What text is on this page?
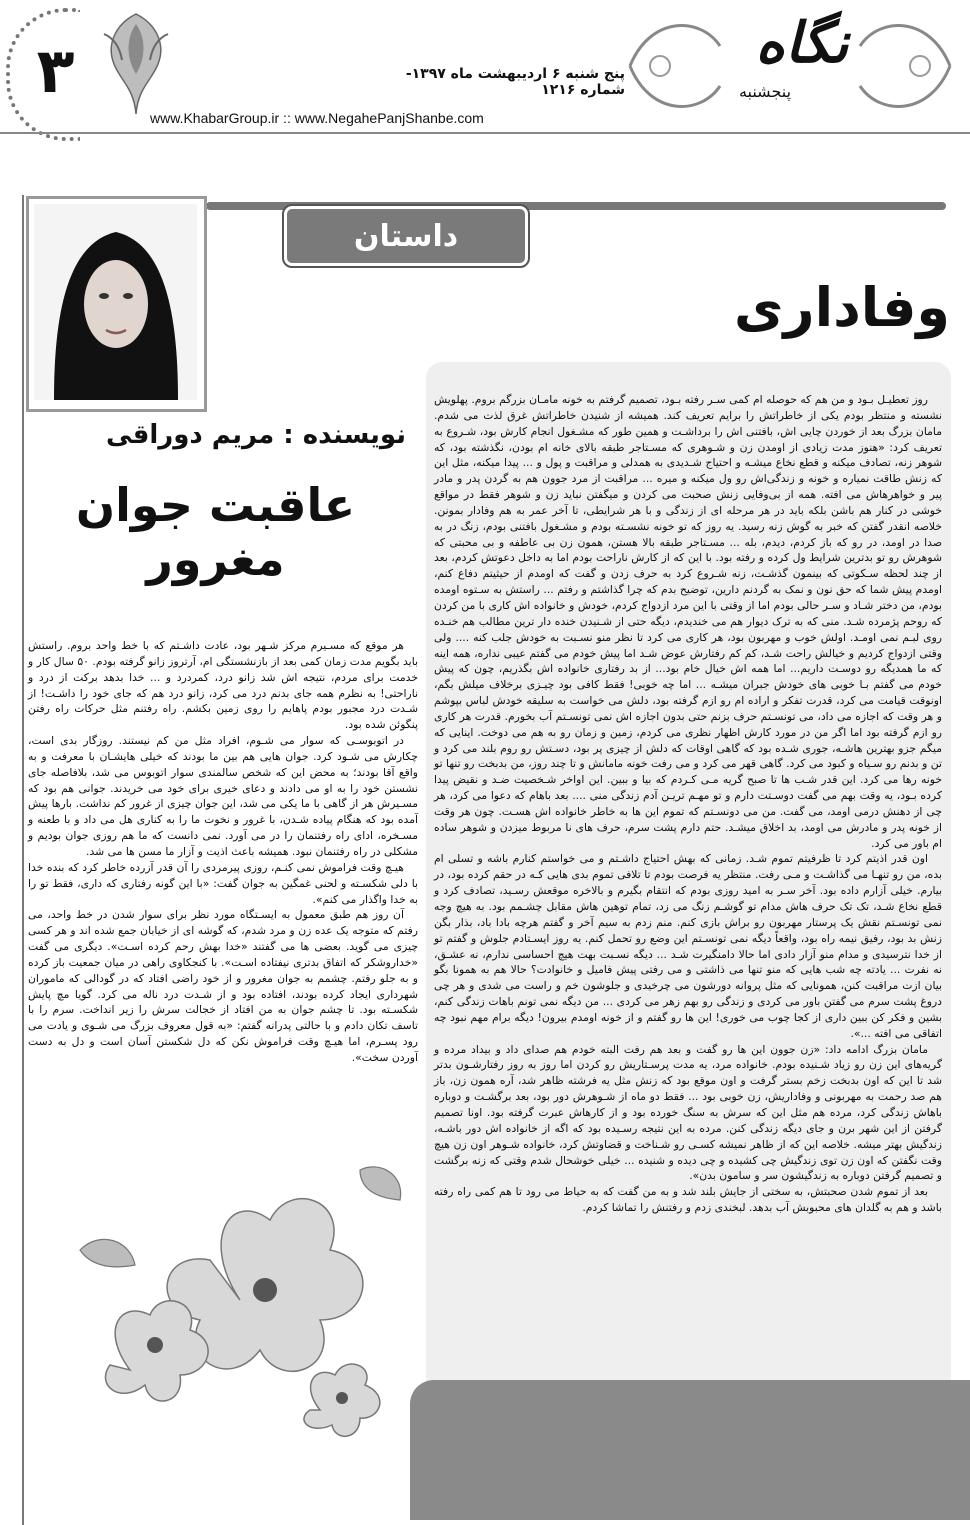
۳	پنج شنبه ۶ اردیبهشت ماه ۱۳۹۷- شماره ۱۲۱۶
www.KhabarGroup.ir :: www.NegahePanjShanbe.com
نگاه
پنجشنبه
داستان
وفاداری
نویسنده : مریم دوراقی
عاقبت جوان مغرور

هر موقع که مسـیرم مرکز شـهر بود، عادت داشـتم که با خط واحد بروم. راستش باید بگویم مدت زمان کمی بعد از بازنشستگی ام، آرتروز زانو گرفته بودم. ۵۰ سال کار و خدمت برای مردم، نتیجه اش شد زانو درد، کمردرد و ... خدا بدهد برکت از درد و ناراحتی! به نظرم همه جای بدنم درد می کرد، زانو درد هم که جای خود را داشـت! از شـدت درد مجبور بودم پاهایم را روی زمین بکشم. راه رفتنم مثل حرکات راه رفتن پنگوئن شده بود.

در اتوبوسـی که سوار می شـوم، افراد مثل من کم نیستند. روزگار بدی است، چکارش می شـود کرد. جوان هایی هم بین ما بودند که خیلی هایشـان با معرفت و به واقع آقا بودند؛ به محض این که شخص سالمندی سوار اتوبوس می شد، بلافاصله جای نشستن خود را به او می دادند و دعای خیری برای خود می خریدند. جوانی هم بود که مسـیرش هر از گاهی با ما یکی می شد، این جوان چیزی از غرور کم نداشت. بارها پیش آمده بود که هنگام پیاده شـدن، با غرور و نخوت ما را به کناری هل می داد و با طعنه و مسـخره، ادای راه رفتنمان را در می آورد. نمی دانست که ما هم روزی جوان بودیم و مشکلی در راه رفتنمان نبود. همیشه باعث اذیت و آزار ما مسن ها می شد.

هیـچ وقت فراموش نمی کنـم، روزی پیرمردی را آن قدر آزرده خاطر کرد که بنده خدا با دلی شکسـته و لحنی غمگین به جوان گفت: «با این گونه رفتاری که داری، فقط تو را به خدا واگذار می کنم».

آن روز هم طبق معمول به ایسـتگاه مورد نظر برای سوار شدن در خط واحد، می رفتم که متوجه یک عده زن و مرد شدم، که گوشه ای از خیابان جمع شده اند و هر کسی چیزی می گوید. بعضی ها می گفتند «خدا بهش رحم کرده اسـت». دیگری می گفت «خداروشکر که اتفاق بدتری نیفتاده اسـت». با کنجکاوی راهی در میان جمعیت باز کرده و به جلو رفتم. چشمم به جوان مغرور و از خود راضی افتاد که در گودالی که ماموران شهرداری ایجاد کرده بودند، افتاده بود و از شـدت درد ناله می کرد. گویا مچ پایش شکسـته بود. تا چشم جوان به من افتاد از خجالت سرش را زیر انداخت. سرم را با تاسف تکان دادم و با حالتی پدرانه گفتم: «به قول معروف بزرگ می شـوی و یادت می رود پسـرم، اما هیـچ وقت فراموش نکن که دل شکستن آسان است و دل به دست آوردن سخت».

روز تعطیـل بـود و من هم که حوصله ام کمی سـر رفته بـود، تصمیم گرفتم به خونه مامـان بزرگم بروم. پهلویش نشسته و منتظر بودم یکی از خاطراتش را برایم تعریف کند. همیشه از شنیدن خاطراتش غرق لذت می شدم. مامان بزرگ بعد از خوردن چایی اش، بافتنی اش را برداشـت و همین طور که مشـغول انجام کارش بود، شـروع به تعریف کرد: «هنوز مدت زیادی از اومدن زن و شـوهری که مسـتاجر طبقه بالای خانه ام بودن، نگذشته بود، که شوهر زنه، تصادف میکنه و قطع نخاع میشـه و احتیاج شـدیدی به همدلی و مراقبت و پول و ... پیدا میکنه، مثل این که زنش طاقت نمیاره و خونه و زندگی‌اش رو ول میکنه و میره ... مراقبت از مرد جوون هم به گردن پدر و مادر پیر و خواهرهاش می افته. همه از بی‌وفایی زنش صحبت می کردن و میگفتن نباید زن و شوهر فقط در مواقع خوشی در کنار هم باشن بلکه باید در هر مرحله ای از زندگی و با هر شرایطی، تا آخر عمر به هم وفادار بمونن. خلاصه انقدر گفتن که خبر به گوش زنه رسید. یه روز که تو خونه نشسـته بودم و مشـغول بافتنی بودم، زنگ در به صدا در اومد، در رو که باز کردم، دیدم، بله ... مسـتاجر طبقه بالا هستن، همون زن بی عاطفه و بی محبتی که شوهرش رو تو بدترین شرایط ول کرده و رفته بود. با این که از کارش ناراحت بودم اما به داخل دعوتش کردم، بعد از چند لحظه سـکوتی که بینمون گذشـت، زنه شـروع کرد به حرف زدن و گفت که اومدم از حیثیتم دفاع کنم، اومدم پیش شما که حق نون و نمک به گردنم دارین، توضیح بدم که چرا گذاشتم و رفتم ... راستش به سـتوه اومده بودم، من دختر شـاد و سـر حالی بودم اما از وقتی با این مرد ازدواج کردم، خودش و خانواده اش کاری با من کردن که روحم پژمرده شـد. منی که به ترک دیوار هم می خندیدم، دیگه حتی از شـنیدن خنده دار ترین مطالب هم خنـده روی لبـم نمی اومـد. اولش خوب و مهربون بود، هر کاری می کرد تا نظر منو نسـبت به خودش جلب کنه .... ولی وقتی ازدواج کردیم و خیالش راحت شـد، کم کم رفتارش عوض شـد اما پیش خودم می گفتم عیبی نداره، همه اینه که ما همدیگه رو دوسـت داریم... اما همه اش خیال خام بود... از بد رفتاری خانواده اش بگذریم، چون که پیش خودم می گفتم بـا خوبی های خودش جبران میشـه ... اما چه خوبی! فقط کافی بود چیـزی برخلاف میلش بگم، اونوقت قیامت می کرد، قدرت تفکر و اراده ام رو ازم گرفته بود، دلش می خواست به سلیقه خودش لباس بپوشم و هر وقت که اجازه می داد، می تونسـتم حرف بزنم حتی بدون اجازه اش نمی تونسـتم آب بخورم. قدرت هر کاری رو ازم گرفته بود اما اگر من در مورد کارش اظهار نظری می کردم، زمین و زمان رو به هم می دوخت. اینایی که میگم جزو بهترین هاشـه، جوری شـده بود که گاهی اوقات که دلش از چیزی پر بود، دسـتش رو روم بلند می کرد و تن و بدنم رو سـیاه و کبود می کرد. گاهی قهر می کرد و می رفت خونه مامانش و تا چند روز، من بدبخت رو تنها تو خونه رها می کرد. این قدر شـب ها تا صبح گریه مـی کـردم که بیا و ببین. این اواخر شـخصیت ضـد و نقیض پیدا کرده بـود، یه وقت بهم می گفت دوسـتت دارم و تو مهـم تریـن آدم زندگی منی .... بعد باهام که دعوا می کرد، هر چی از دهنش درمی اومد، می گفت. من می دونسـتم که تموم این ها به خاطر خانواده اش هسـت. چون هر وقت از خونه پدر و مادرش می اومد، بد اخلاق میشـد. حتم دارم پشت سرم، حرف های نا مربوط میزدن و شوهر ساده ام باور می کرد.

اون قدر اذیتم کرد تا ظرفیتم تموم شـد. زمانی که بهش احتیاج داشـتم و می خواستم کنارم باشه و تسلی ام بده، من رو تنهـا می گذاشـت و مـی رفت. منتظر یه فرصت بودم تا تلافی تموم بدی هایی کـه در حقم کرده بود، در بیارم. خیلی آزارم داده بود. آخر سـر به امید روزی بودم که انتقام بگیرم و بالاخره موقعش رسـید، تصادف کرد و قطع نخاع شـد، تک تک حرف هاش مدام تو گوشـم زنگ می زد، تمام توهین هاش مقابل چشـمم بود. به هیچ وجه نمی تونسـتم نقش یک پرستار مهربون رو براش بازی کنم. منم زدم به سیم آخر و گفتم هرچه بادا باد، بذار بگن زنش بد بود، رفیق نیمه راه بود، واقعاً دیگه نمی تونسـتم این وضع رو تحمل کنم. یه روز ایسـتادم جلوش و گفتم تو از خدا نترسیدی و مدام منو آزار دادی اما حالا دامنگیرت شـد ... دیگه نسـبت بهت هیچ احساسی ندارم، نه عشـق، نه نفرت ... یادته چه شب هایی که منو تنها می ذاشتی و می رفتی پیش فامیل و خانوادت؟ حالا هم به همونا بگو بیان ازت مراقبت کنن، همونایی که مثل پروانه دورشون می چرخیدی و جلوشون خم و راست می شدی و هر چی دروغ پشت سرم می گفتن باور می کردی و زندگی رو بهم زهر می کردی ... من دیگه نمی تونم باهات زندگی کنم، بشین و فکر کن ببین داری از کجا چوب می خوری! این ها رو گفتم و از خونه اومدم بیرون! دیگه برام مهم نبود چه اتفاقی می افته ...».

مامان بزرگ ادامه داد: «زن جوون این ها رو گفت و بعد هم رفت البته خودم هم صدای داد و بیداد مرده و گریه‌های این زن رو زیاد شـنیده بودم. خانواده مرد، یه مدت پرسـتاریش رو کردن اما روز به روز رفتارشـون بدتر شد تا این که اون بدبخت زخم بستر گرفت و اون موقع بود که زنش مثل یه فرشته ظاهر شد، آره همون زن، باز هم صد رحمت به مهربونی و وفاداریش، زن خوبی بود ... فقط دو ماه از شـوهرش دور بود، بعد برگشـت و دوباره باهاش زندگی کرد، مرده هم مثل این که سرش به سنگ خورده بود و از کارهاش عبرت گرفته بود. اونا تصمیم گرفتن از این شهر برن و جای دیگه زندگی کنن. مرده به این نتیجه رسـیده بود که اگه از خانواده اش دور باشـه، زندگیش بهتر میشه. خلاصه این که از ظاهر نمیشه کسـی رو شـناخت و قضاوتش کرد، خانواده شـوهر اون زن هیچ وقت نگفتن که اون زن توی زندگیش چی کشیده و چی دیده و شنیده ... خیلی خوشحال شدم وقتی که زنه برگشت و تصمیم گرفتن دوباره به زندگیشون سر و سامون بدن».

بعد از تموم شدن صحبتش، به سختی از جایش بلند شد و به من گفت که به حیاط می رود تا هم کمی راه رفته باشد و هم به گلدان های محبوبش آب بدهد. لبخندی زدم و رفتنش را تماشا کردم.
